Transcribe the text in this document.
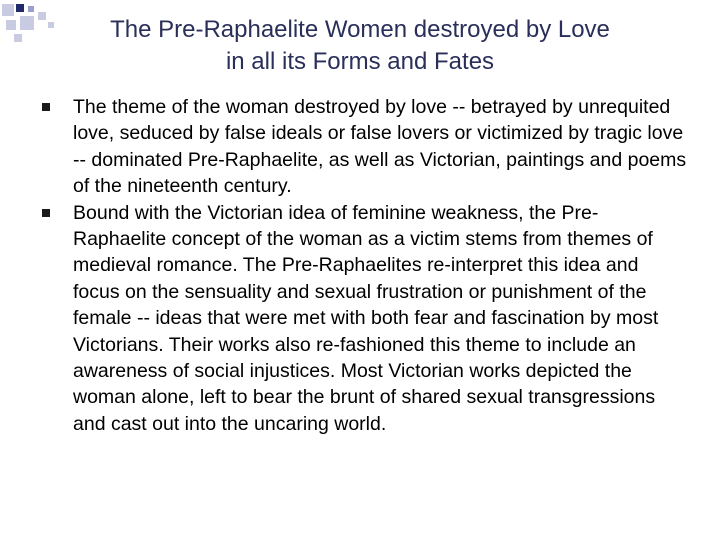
The Pre-Raphaelite Women destroyed by Love
in all its Forms and Fates
The theme of the woman destroyed by love -- betrayed by unrequited love, seduced by false ideals or false lovers or victimized by tragic love -- dominated Pre-Raphaelite, as well as Victorian, paintings and poems of the nineteenth century.
Bound with the Victorian idea of feminine weakness, the Pre-Raphaelite concept of the woman as a victim stems from themes of medieval romance. The Pre-Raphaelites re-interpret this idea and focus on the sensuality and sexual frustration or punishment of the female -- ideas that were met with both fear and fascination by most Victorians. Their works also re-fashioned this theme to include an awareness of social injustices. Most Victorian works depicted the woman alone, left to bear the brunt of shared sexual transgressions and cast out into the uncaring world.
